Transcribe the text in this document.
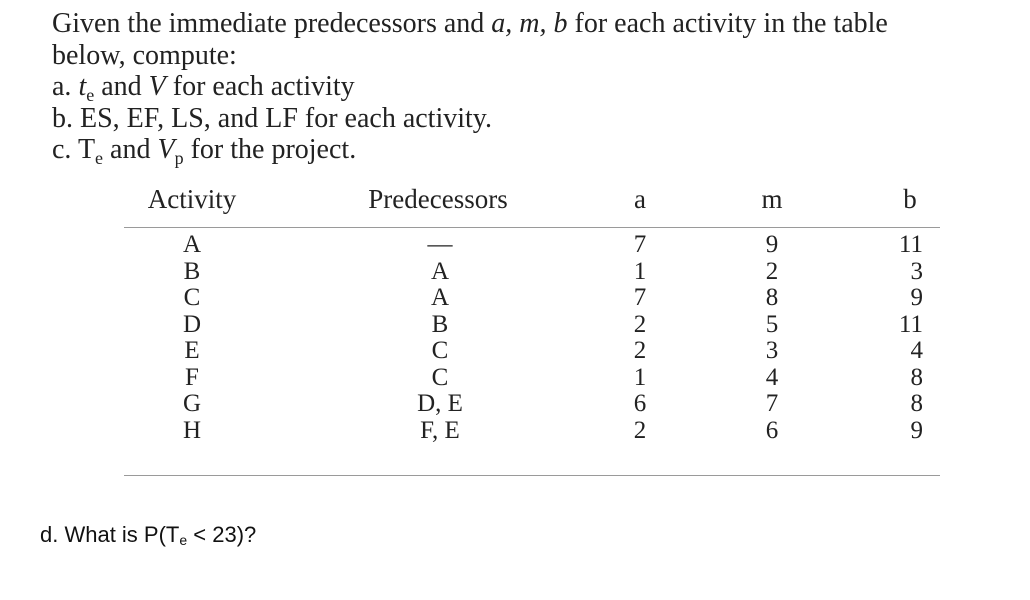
Given the immediate predecessors and a, m, b for each activity in the table
below, compute:
a. $t_e$ and V for each activity
b. ES, EF, LS, and LF for each activity.
c. $T_e$ and $V_p$ for the project.
Activity	Predecessors	a	m	b
A	—	7	9	11
B	A	1	2	3
C	A	7	8	9
D	B	2	5	11
E	C	2	3	4
F	C	1	4	8
G	D, E	6	7	8
H	F, E	2	6	9
d. What is $P(T_e < 23)$?
